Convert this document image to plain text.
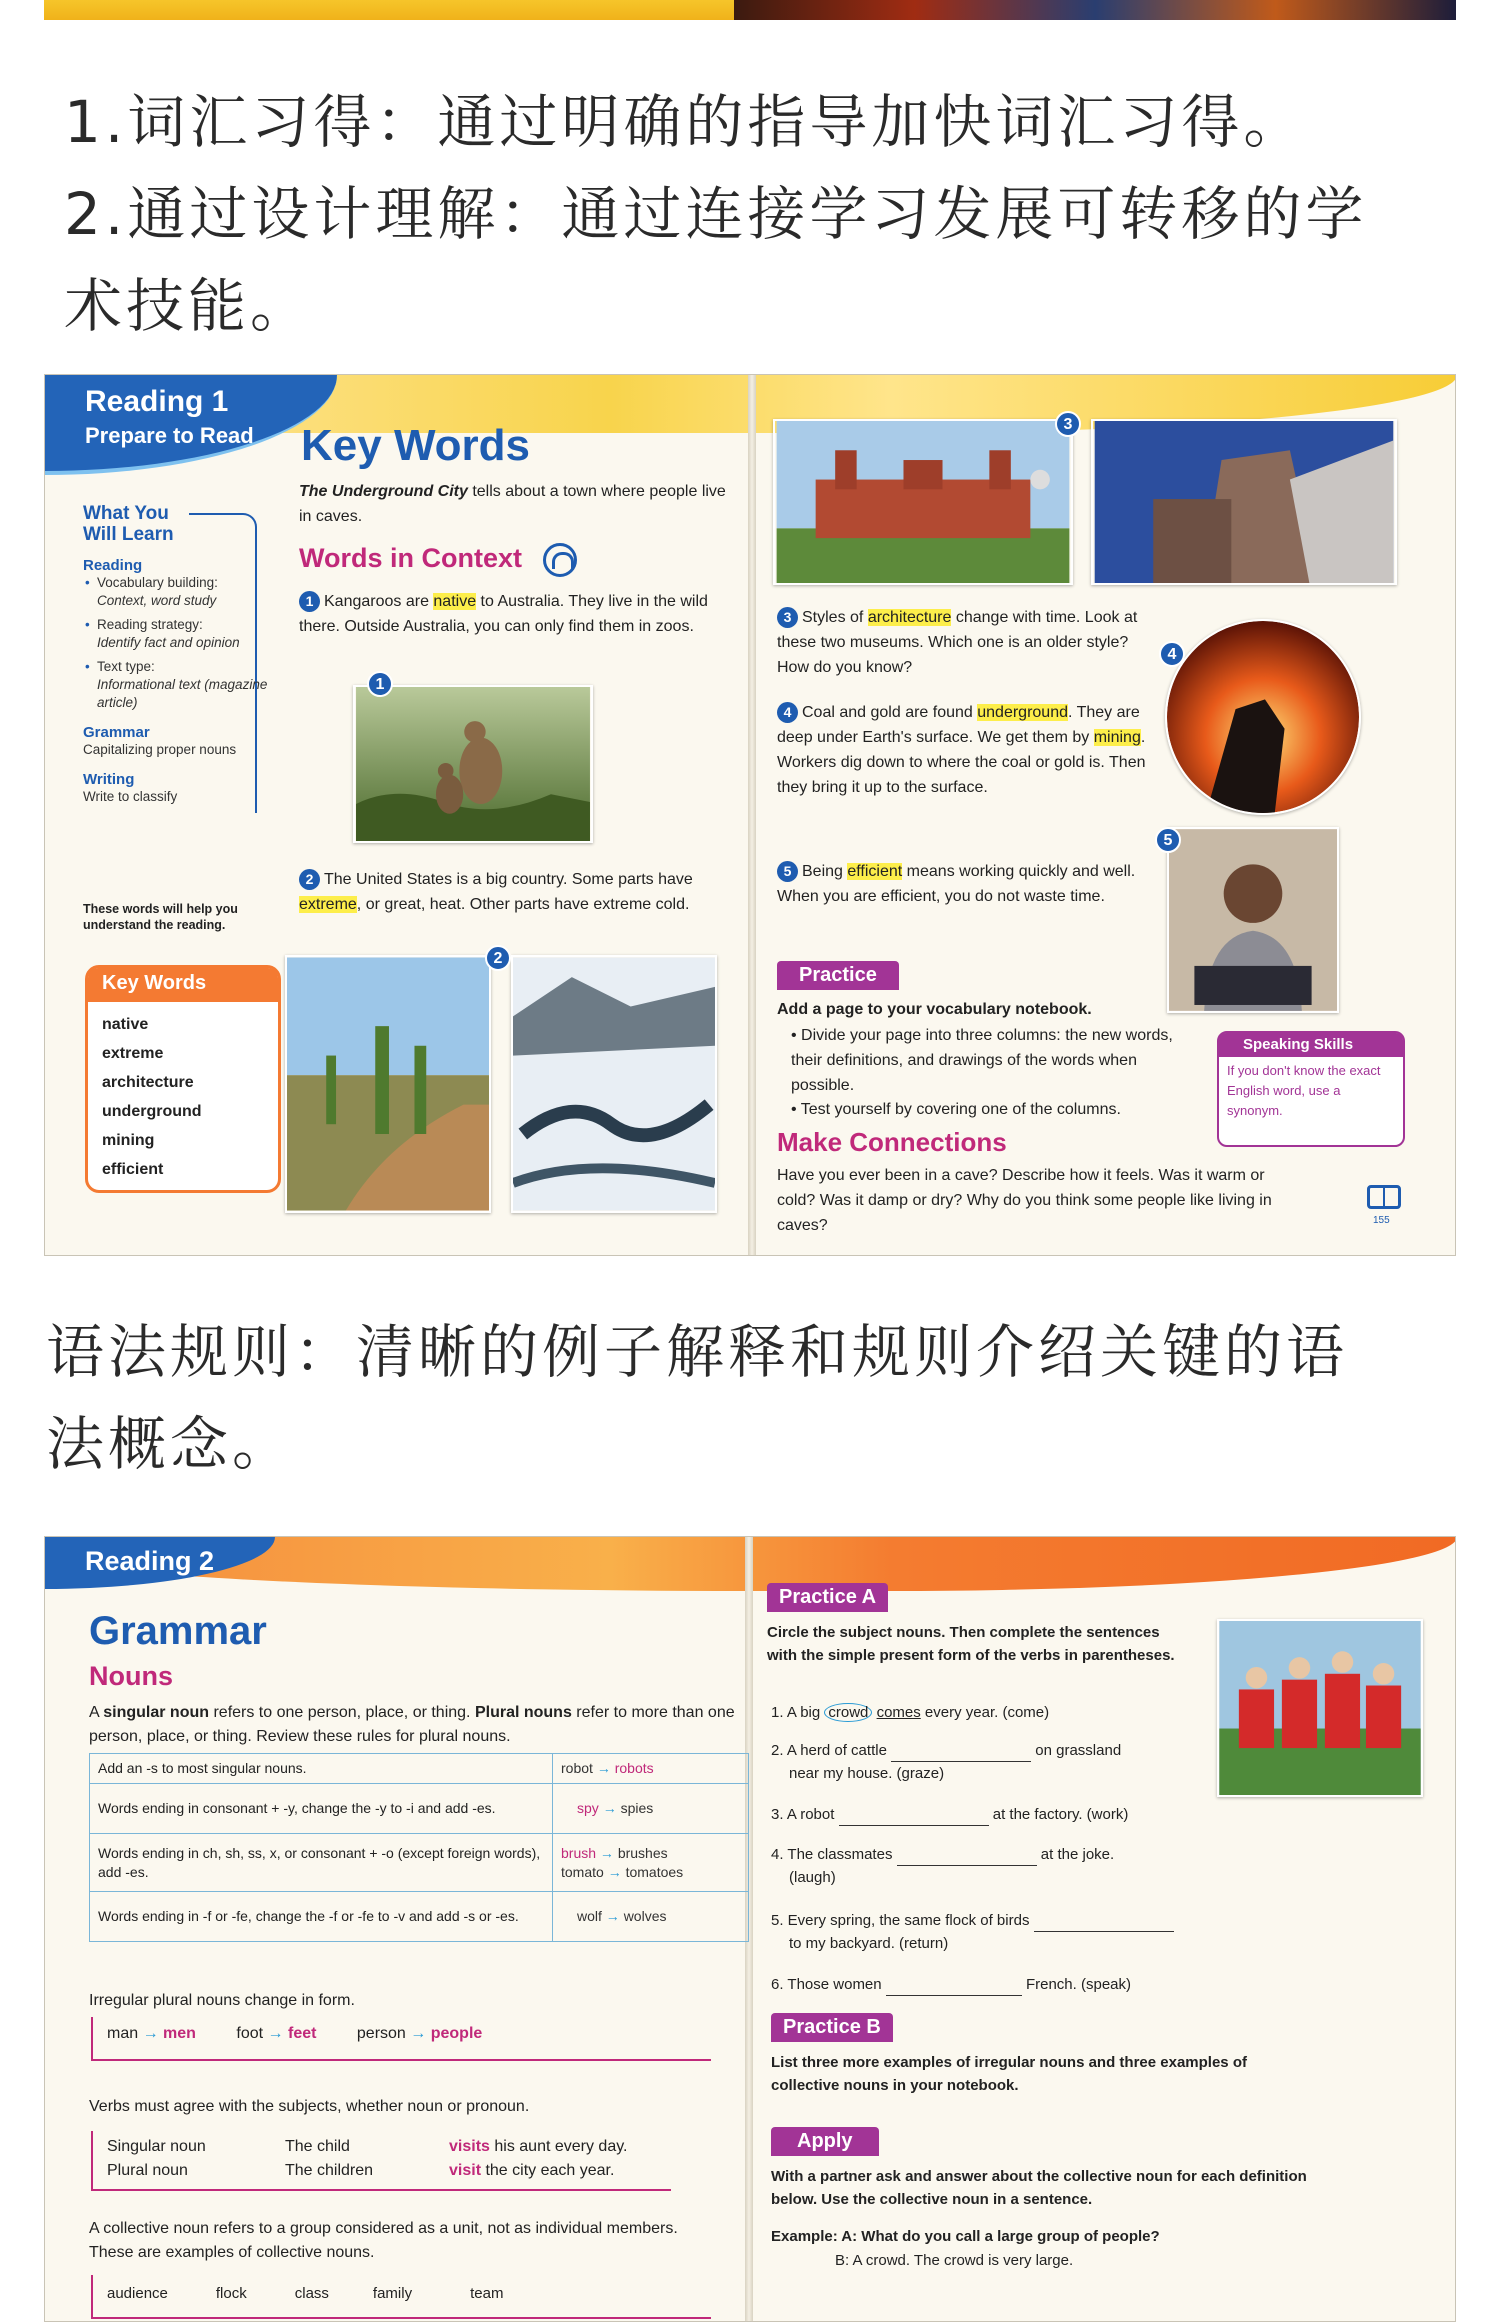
1.词汇习得：通过明确的指导加快词汇习得。
2.通过设计理解：通过连接学习发展可转移的学
术技能。
Reading 1
Prepare to Read Key Words
The Underground City tells about a town where people live in caves.
What You Will Learn
Reading
• Vocabulary building:
Context, word study
• Reading strategy:
Identify fact and opinion
• Text type:
Informational text (magazine article)
Grammar
Capitalizing proper nouns
Writing
Write to classify
These words will help you understand the reading.
Key Words
native
extreme
architecture
underground
mining
efficient
Words in Context
1 Kangaroos are native to Australia. They live in the wild there. Outside Australia, you can only find them in zoos.
1
2 The United States is a big country. Some parts have extreme, or great, heat. Other parts have extreme cold.
2
3
3 Styles of architecture change with time. Look at these two museums. Which one is an older style? How do you know?
4
4 Coal and gold are found underground. They are deep under Earth's surface. We get them by mining. Workers dig down to where the coal or gold is. Then they bring it up to the surface.
5
5 Being efficient means working quickly and well. When you are efficient, you do not waste time.
Practice
Add a page to your vocabulary notebook.
• Divide your page into three columns: the new words, their definitions, and drawings of the words when possible.
• Test yourself by covering one of the columns.
Speaking Skills
If you don't know the exact English word, use a synonym.
Make Connections
Have you ever been in a cave? Describe how it feels. Was it warm or cold? Was it damp or dry? Why do you think some people like living in caves?	155
语法规则：清晰的例子解释和规则介绍关键的语
法概念。
Reading 2
Grammar
Nouns
A singular noun refers to one person, place, or thing. Plural nouns refer to more than one person, place, or thing. Review these rules for plural nouns.
Add an -s to most singular nouns.	robot → robots
Words ending in consonant + -y, change the -y to -i and add -es.	spy → spies
Words ending in ch, sh, ss, x, or consonant + -o (except foreign words), add -es.	brush → brushes
tomato → tomatoes
Words ending in -f or -fe, change the -f or -fe to -v and add -s or -es.	wolf → wolves
Irregular plural nouns change in form.
man → men	foot → feet	person → people
Verbs must agree with the subjects, whether noun or pronoun.
Singular noun	The child	visits his aunt every day.
Plural noun	The children	visit the city each year.
A collective noun refers to a group considered as a unit, not as individual members. These are examples of collective nouns.
audience	flock	class	family	team
Practice A
Circle the subject nouns. Then complete the sentences with the simple present form of the verbs in parentheses.
1. A big crowd comes every year. (come)
2. A herd of cattle	on grassland
near my house. (graze)
3. A robot	at the factory. (work)
4. The classmates	at the joke.
(laugh)
5. Every spring, the same flock of birds
to my backyard. (return)
6. Those women	French. (speak)
Practice B
List three more examples of irregular nouns and three examples of collective nouns in your notebook.
Apply
With a partner ask and answer about the collective noun for each definition below. Use the collective noun in a sentence.
Example: A: What do you call a large group of people?
B: A crowd. The crowd is very large.
